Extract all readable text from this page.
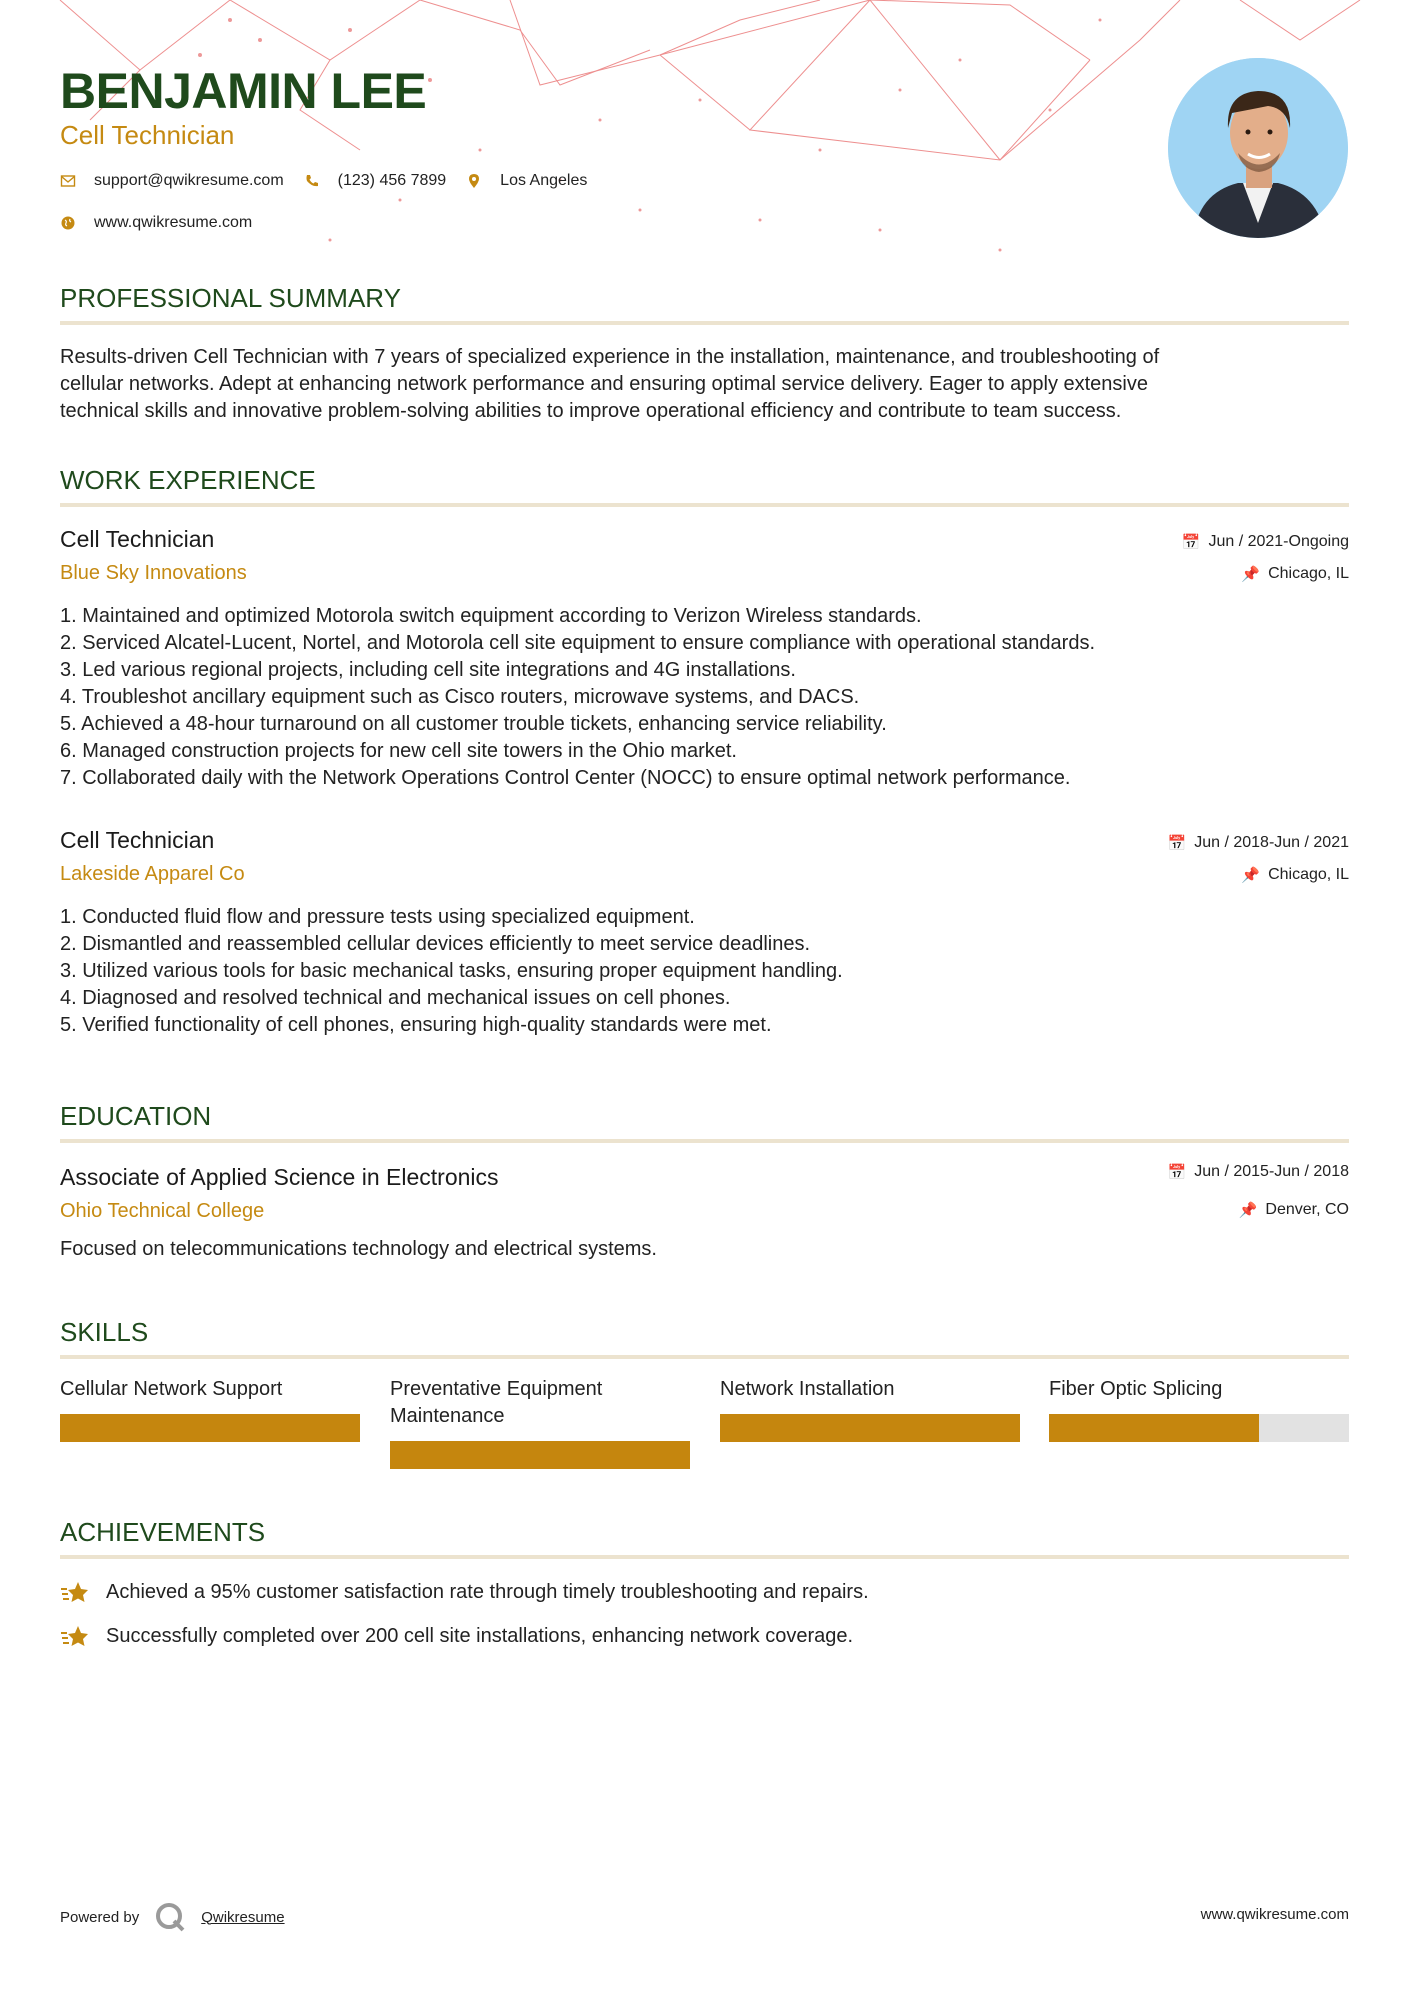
BENJAMIN LEE
Cell Technician
support@qwikresume.com	(123) 456 7899	Los Angeles
www.qwikresume.com
PROFESSIONAL SUMMARY
Results-driven Cell Technician with 7 years of specialized experience in the installation, maintenance, and troubleshooting of
cellular networks. Adept at enhancing network performance and ensuring optimal service delivery. Eager to apply extensive
technical skills and innovative problem-solving abilities to improve operational efficiency and contribute to team success.
WORK EXPERIENCE
Cell Technician
Blue Sky Innovations
📅 Jun / 2021-Ongoing
📌 Chicago, IL
1. Maintained and optimized Motorola switch equipment according to Verizon Wireless standards.
2. Serviced Alcatel-Lucent, Nortel, and Motorola cell site equipment to ensure compliance with operational standards.
3. Led various regional projects, including cell site integrations and 4G installations.
4. Troubleshot ancillary equipment such as Cisco routers, microwave systems, and DACS.
5. Achieved a 48-hour turnaround on all customer trouble tickets, enhancing service reliability.
6. Managed construction projects for new cell site towers in the Ohio market.
7. Collaborated daily with the Network Operations Control Center (NOCC) to ensure optimal network performance.
Cell Technician
Lakeside Apparel Co
📅 Jun / 2018-Jun / 2021
📌 Chicago, IL
1. Conducted fluid flow and pressure tests using specialized equipment.
2. Dismantled and reassembled cellular devices efficiently to meet service deadlines.
3. Utilized various tools for basic mechanical tasks, ensuring proper equipment handling.
4. Diagnosed and resolved technical and mechanical issues on cell phones.
5. Verified functionality of cell phones, ensuring high-quality standards were met.
EDUCATION
Associate of Applied Science in Electronics
Ohio Technical College
📅 Jun / 2015-Jun / 2018
📌 Denver, CO
Focused on telecommunications technology and electrical systems.
SKILLS
Cellular Network Support	Preventative Equipment
Maintenance
Network Installation	Fiber Optic Splicing
ACHIEVEMENTS
Achieved a 95% customer satisfaction rate through timely troubleshooting and repairs.
Successfully completed over 200 cell site installations, enhancing network coverage.
Powered by	Qwikresume	www.qwikresume.com
